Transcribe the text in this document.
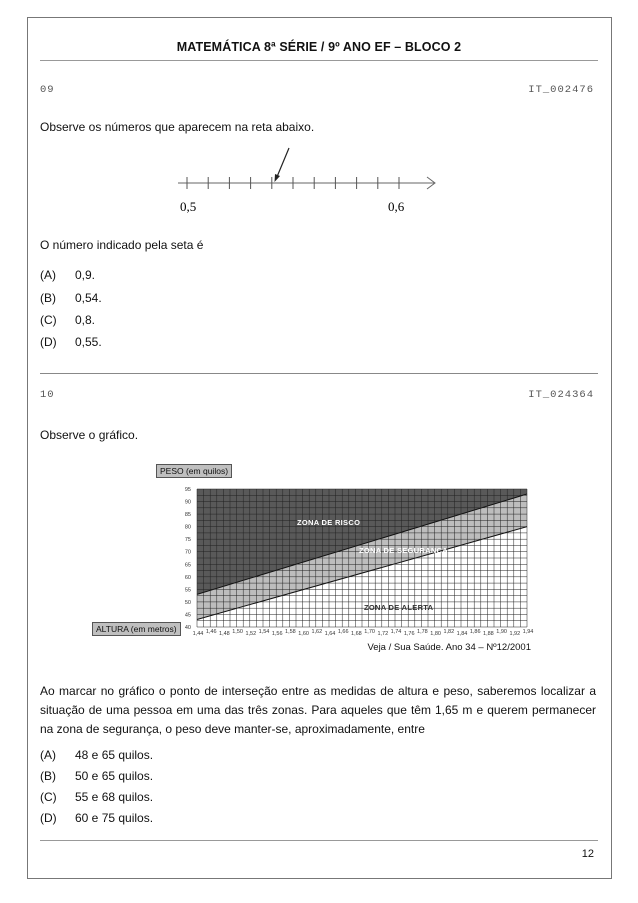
MATEMÁTICA 8ª SÉRIE / 9º ANO EF – BLOCO 2
09	IT_002476
Observe os números que aparecem na reta abaixo.
0,5	0,6
O número indicado pela seta é
(A) 0,9.
(B) 0,54.
(C) 0,8.
(D) 0,55.
10	IT_024364
Observe o gráfico.
PESO (em quilos)
ALTURA (em metros)	40
45
50
55
60
65
70
75
80
85
90
95
1,44 1,46 1,48 1,50 1,52 1,54 1,56 1,58 1,60 1,62 1,64 1,66 1,68 1,70 1,72 1,74 1,76 1,78 1,80 1,82 1,84 1,86 1,88 1,90 1,92 1,94
ZONA DE RISCO
ZONA DE SEGURANÇA
ZONA DE ALERTA
Veja / Sua Saúde. Ano 34 – Nº12/2001
Ao marcar no gráfico o ponto de interseção entre as medidas de altura e peso, saberemos localizar a situação de uma pessoa em uma das três zonas. Para aqueles que têm 1,65 m e querem permanecer na zona de segurança, o peso deve manter-se, aproximadamente, entre
(A) 48 e 65 quilos.
(B) 50 e 65 quilos.
(C) 55 e 68 quilos.
(D) 60 e 75 quilos.
12
